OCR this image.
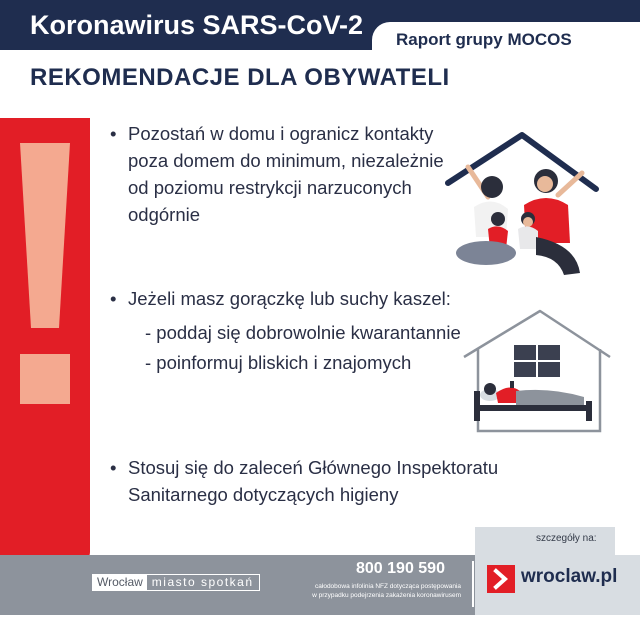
Koronawirus SARS-CoV-2 Raport grupy MOCOS
REKOMENDACJE DLA OBYWATELI
• Pozostań w domu i ogranicz kontakty
poza domem do minimum, niezależnie
od poziomu restrykcji narzuconych
odgórnie
• Jeżeli masz gorączkę lub suchy kaszel:
- poddaj się dobrowolnie kwarantannie
- poinformuj bliskich i znajomych
• Stosuj się do zaleceń Głównego Inspektoratu
Sanitarnego dotyczących higieny
szczegóły na:
Wrocław miasto spotkań
800 190 590
całodobowa infolinia NFZ dotycząca postępowania
w przypadku podejrzenia zakażenia koronawirusem
wroclaw.pl
